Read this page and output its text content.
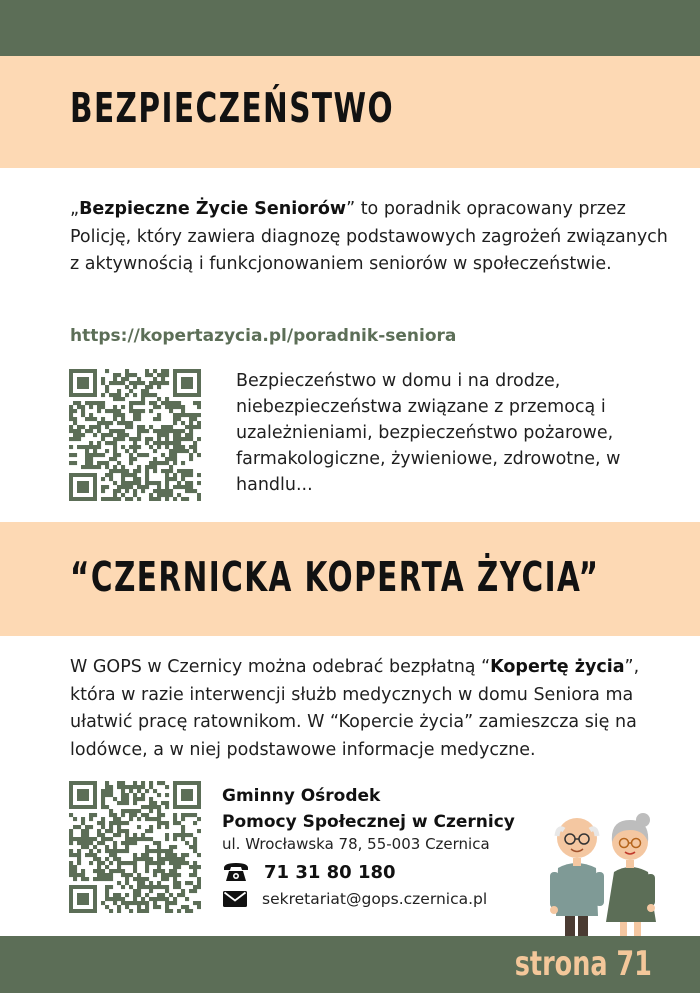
BEZPIECZEŃSTWO

„Bezpieczne Życie Seniorów” to poradnik opracowany przez Policję, który zawiera diagnozę podstawowych zagrożeń związanych z aktywnością i funkcjonowaniem seniorów w społeczeństwie.

https://kopertazycia.pl/poradnik-seniora

Bezpieczeństwo w domu i na drodze, niebezpieczeństwa związane z przemocą i uzależnieniami, bezpieczeństwo pożarowe, farmakologiczne, żywieniowe, zdrowotne, w handlu...

“CZERNICKA KOPERTA ŻYCIA”

W GOPS w Czernicy można odebrać bezpłatną “Kopertę życia”, która w razie interwencji służb medycznych w domu Seniora ma ułatwić pracę ratownikom. W “Kopercie życia” zamieszcza się na lodówce, a w niej podstawowe informacje medyczne.

Gminny Ośrodek
Pomocy Społecznej w Czernicy
ul. Wrocławska 78, 55-003 Czernica
71 31 80 180
sekretariat@gops.czernica.pl
strona 71
